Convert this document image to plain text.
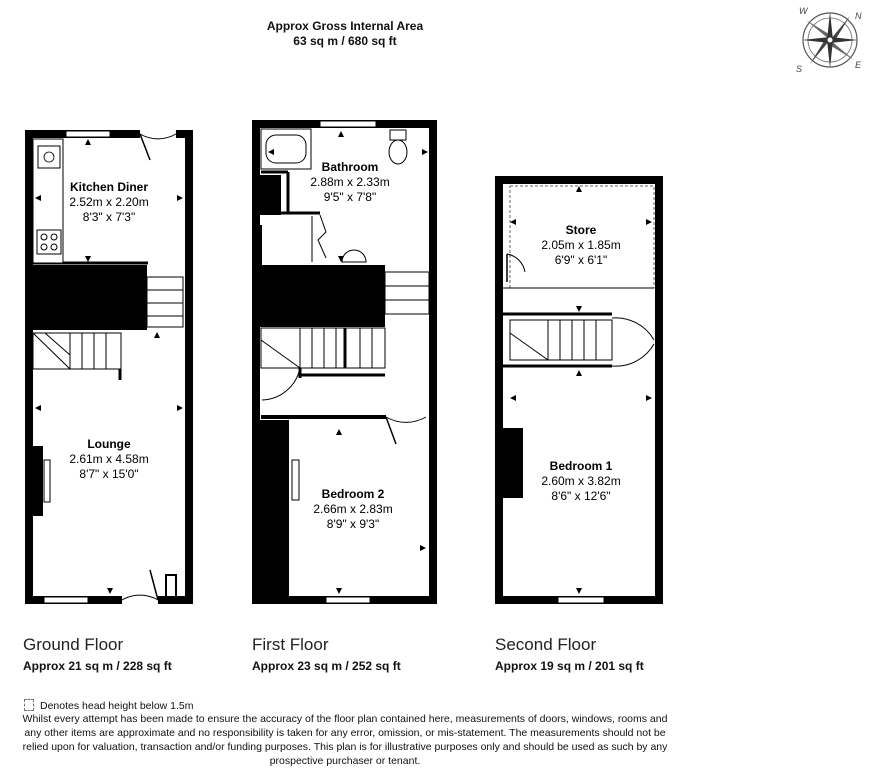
Approx Gross Internal Area
63 sq m / 680 sq ft
N
E
S
W
Kitchen Diner
2.52m x 2.20m
8'3" x 7'3"
Lounge
2.61m x 4.58m
8'7" x 15'0"
Bathroom
2.88m x 2.33m
9'5" x 7'8"
Bedroom 2
2.66m x 2.83m
8'9" x 9'3"
Store
2.05m x 1.85m
6'9" x 6'1"
Bedroom 1
2.60m x 3.82m
8'6" x 12'6"
Ground Floor
Approx 21 sq m / 228 sq ft
First Floor
Approx 23 sq m / 252 sq ft
Second Floor
Approx 19 sq m / 201 sq ft
Denotes head height below 1.5m
Whilst every attempt has been made to ensure the accuracy of the floor plan contained here, measurements of doors, windows, rooms and
any other items are approximate and no responsibility is taken for any error, omission, or mis-statement. The measurements should not be
relied upon for valuation, transaction and/or funding purposes. This plan is for illustrative purposes only and should be used as such by any
prospective purchaser or tenant.
